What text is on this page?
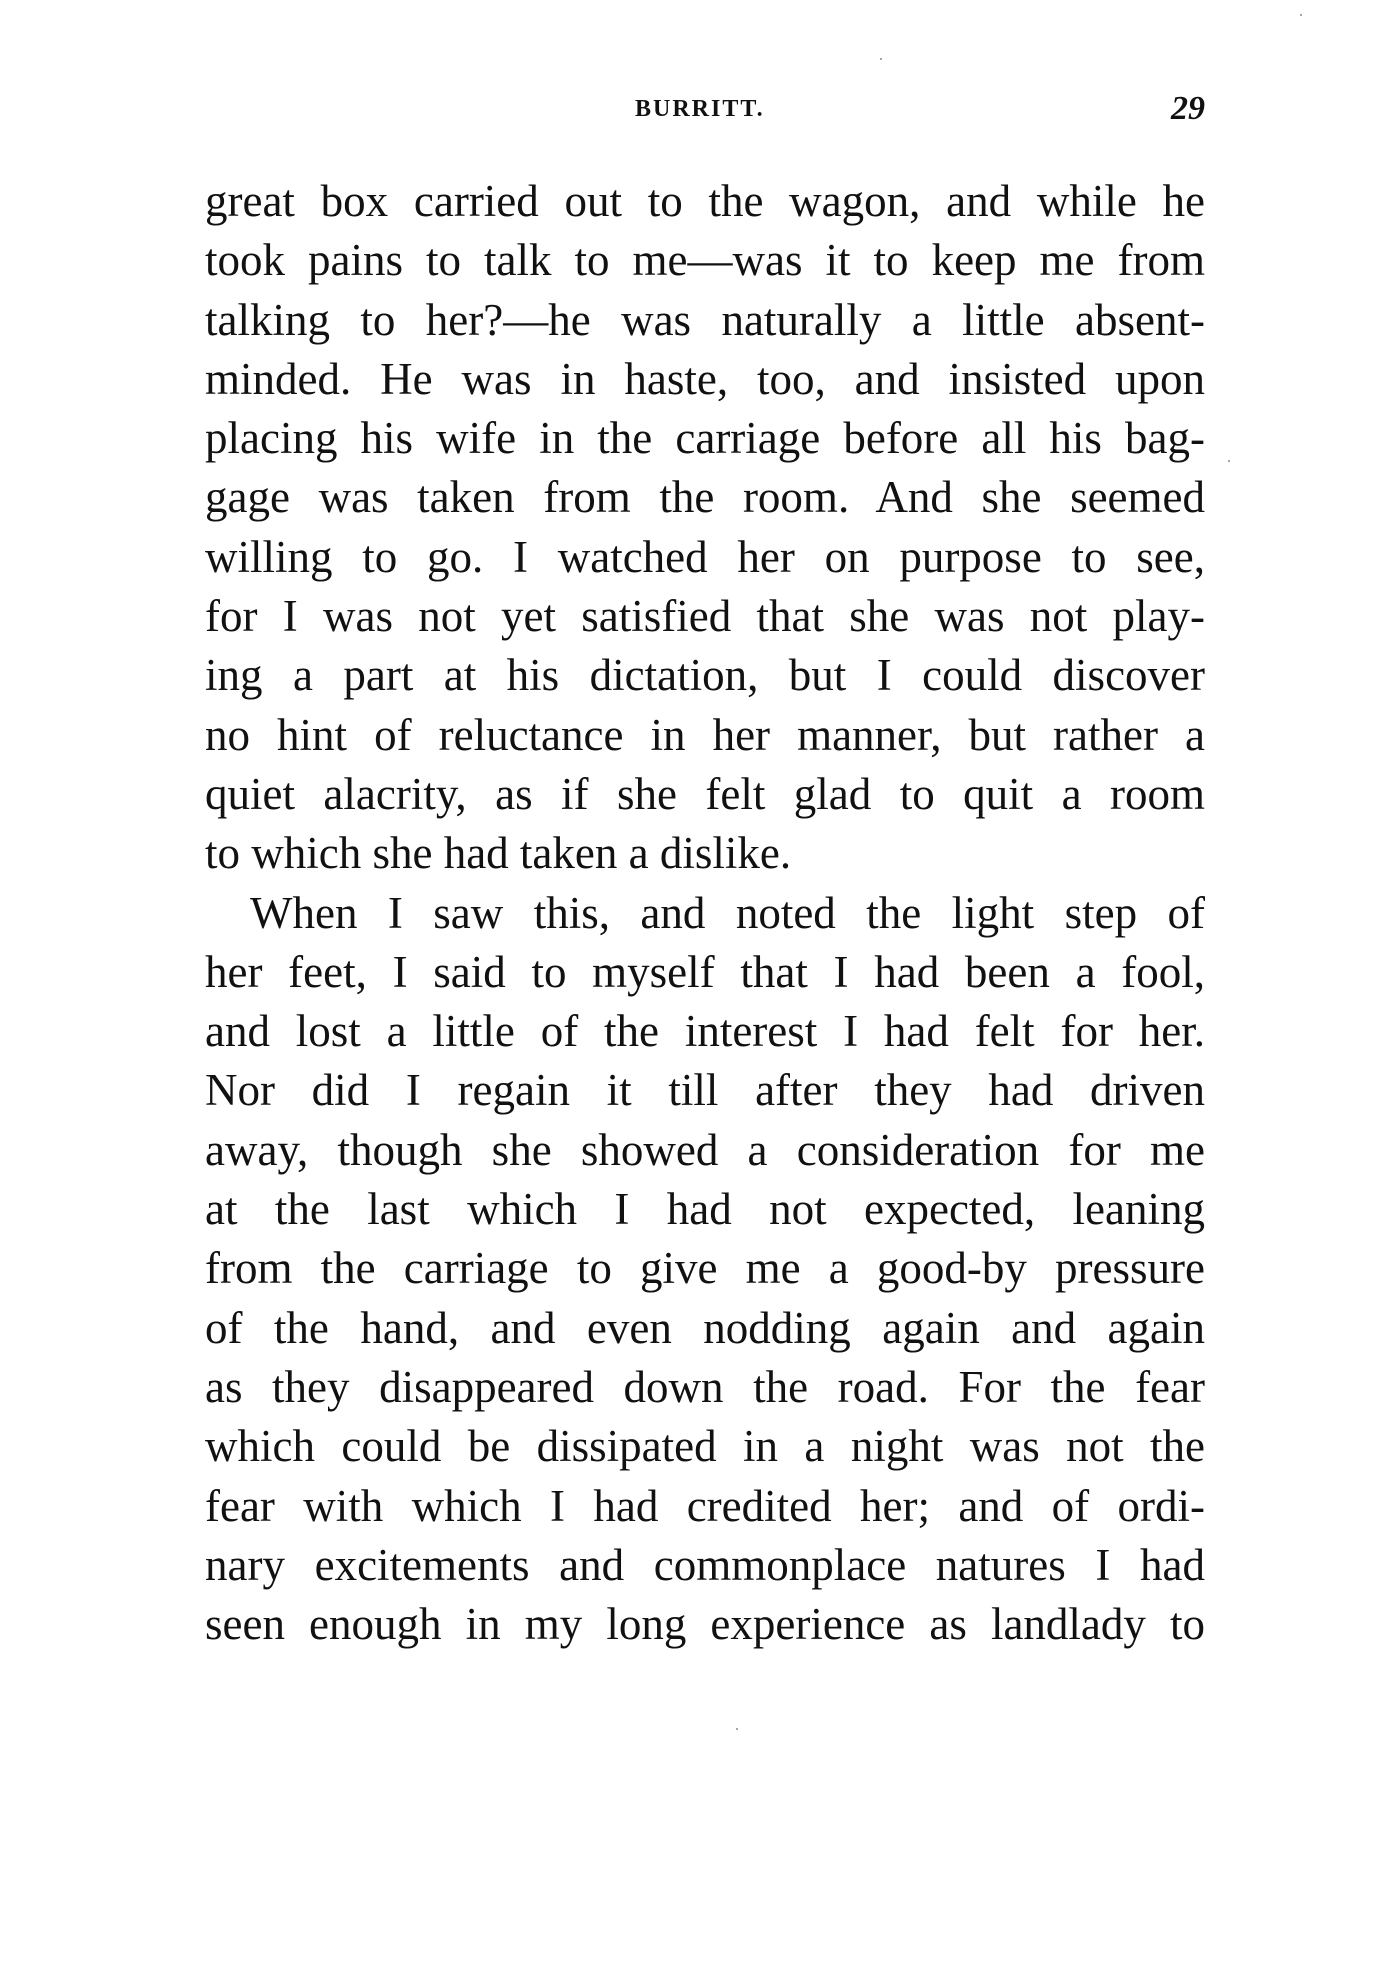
BURRITT.	29
great box carried out to the wagon, and while he
took pains to talk to me—was it to keep me from
talking to her?—he was naturally a little absent-
minded. He was in haste, too, and insisted upon
placing his wife in the carriage before all his bag-
gage was taken from the room. And she seemed
willing to go. I watched her on purpose to see,
for I was not yet satisfied that she was not play-
ing a part at his dictation, but I could discover
no hint of reluctance in her manner, but rather a
quiet alacrity, as if she felt glad to quit a room
to which she had taken a dislike.
When I saw this, and noted the light step of
her feet, I said to myself that I had been a fool,
and lost a little of the interest I had felt for her.
Nor did I regain it till after they had driven
away, though she showed a consideration for me
at the last which I had not expected, leaning
from the carriage to give me a good-by pressure
of the hand, and even nodding again and again
as they disappeared down the road. For the fear
which could be dissipated in a night was not the
fear with which I had credited her; and of ordi-
nary excitements and commonplace natures I had
seen enough in my long experience as landlady to
